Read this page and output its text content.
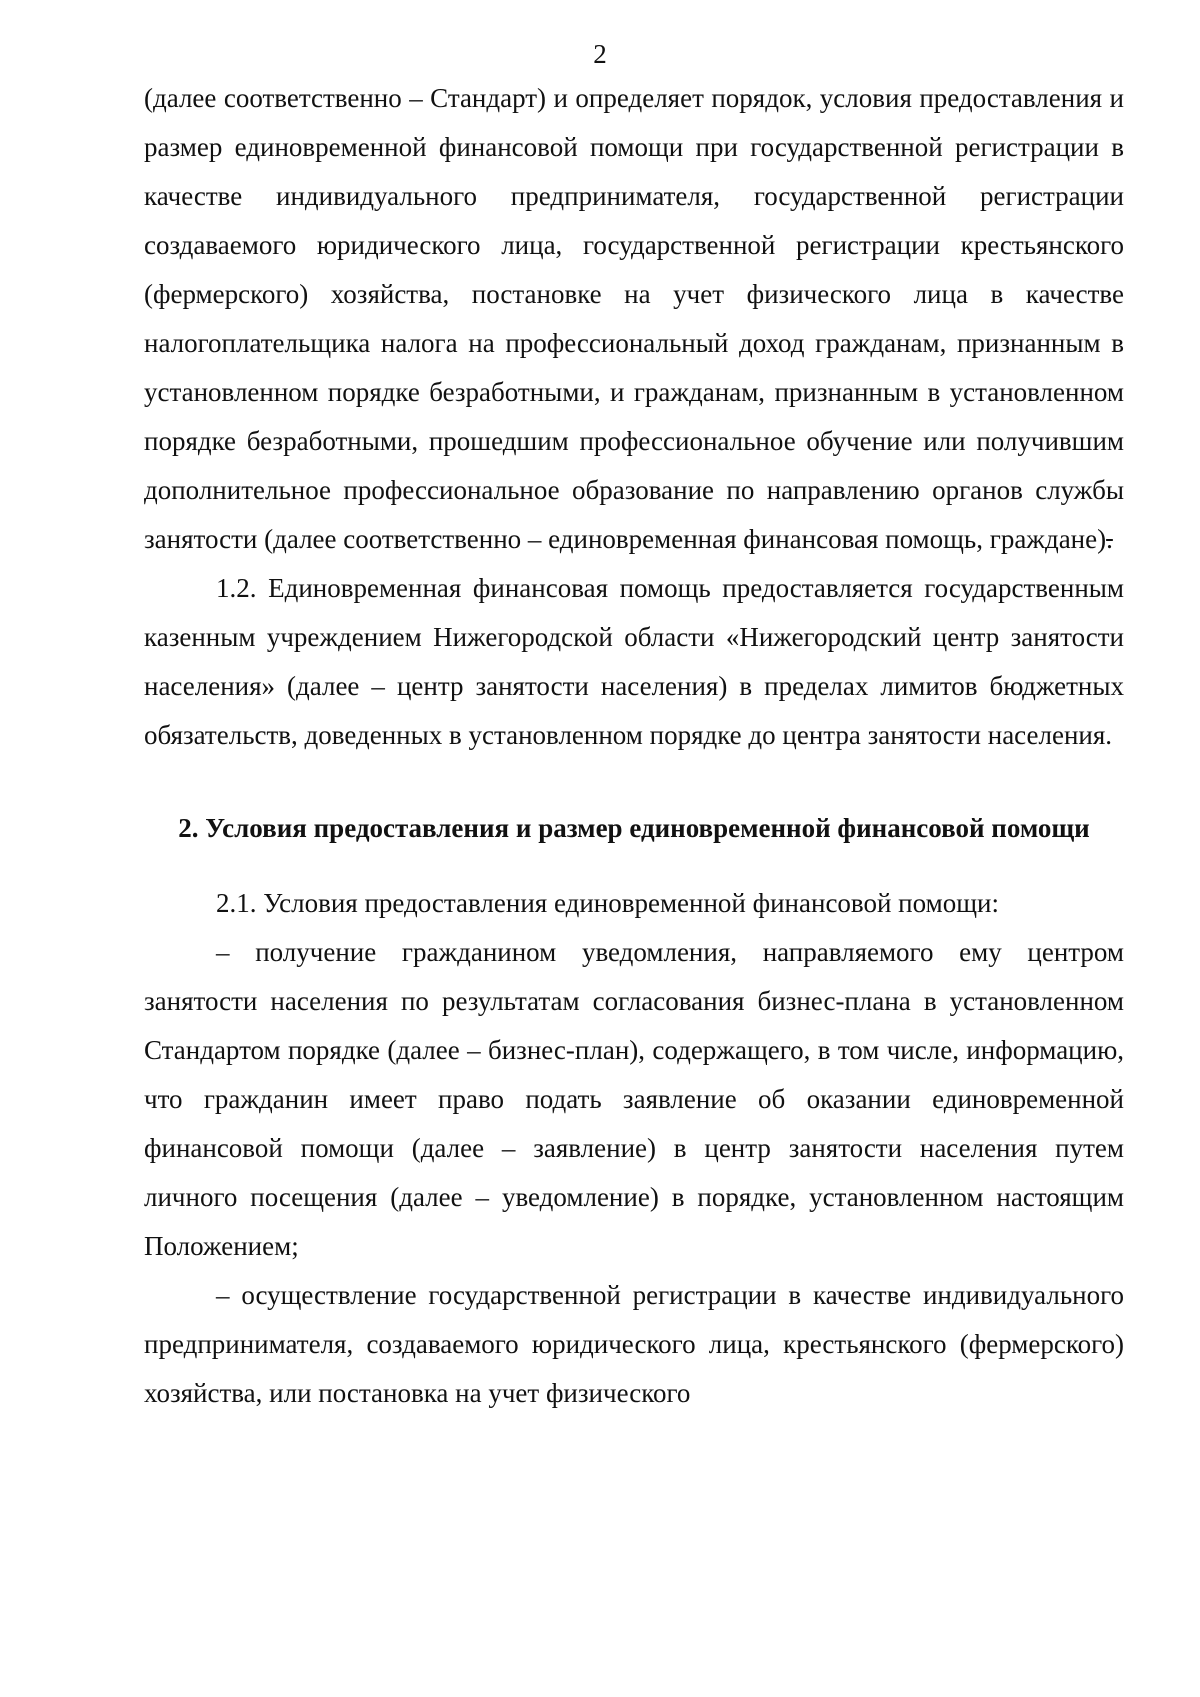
2

(далее соответственно – Стандарт) и определяет порядок, условия предоставления и размер единовременной финансовой помощи при государственной регистрации в качестве индивидуального предпринимателя, государственной регистрации создаваемого юридического лица, государственной регистрации крестьянского (фермерского) хозяйства, постановке на учет физического лица в качестве налогоплательщика налога на профессиональный доход гражданам, признанным в установленном порядке безработными, и гражданам, признанным в установленном порядке безработными, прошедшим профессиональное обучение или получившим дополнительное профессиональное образование по направлению органов службы занятости (далее соответственно – единовременная финансовая помощь, граждане).

1.2. Единовременная финансовая помощь предоставляется государственным казенным учреждением Нижегородской области «Нижегородский центр занятости населения» (далее – центр занятости населения) в пределах лимитов бюджетных обязательств, доведенных в установленном порядке до центра занятости населения.

2. Условия предоставления и размер единовременной финансовой помощи

2.1. Условия предоставления единовременной финансовой помощи:

– получение гражданином уведомления, направляемого ему центром занятости населения по результатам согласования бизнес-плана в установленном Стандартом порядке (далее – бизнес-план), содержащего, в том числе, информацию, что гражданин имеет право подать заявление об оказании единовременной финансовой помощи (далее – заявление) в центр занятости населения путем личного посещения (далее – уведомление) в порядке, установленном настоящим Положением;

– осуществление государственной регистрации в качестве индивидуального предпринимателя, создаваемого юридического лица, крестьянского (фермерского) хозяйства, или постановка на учет физического
